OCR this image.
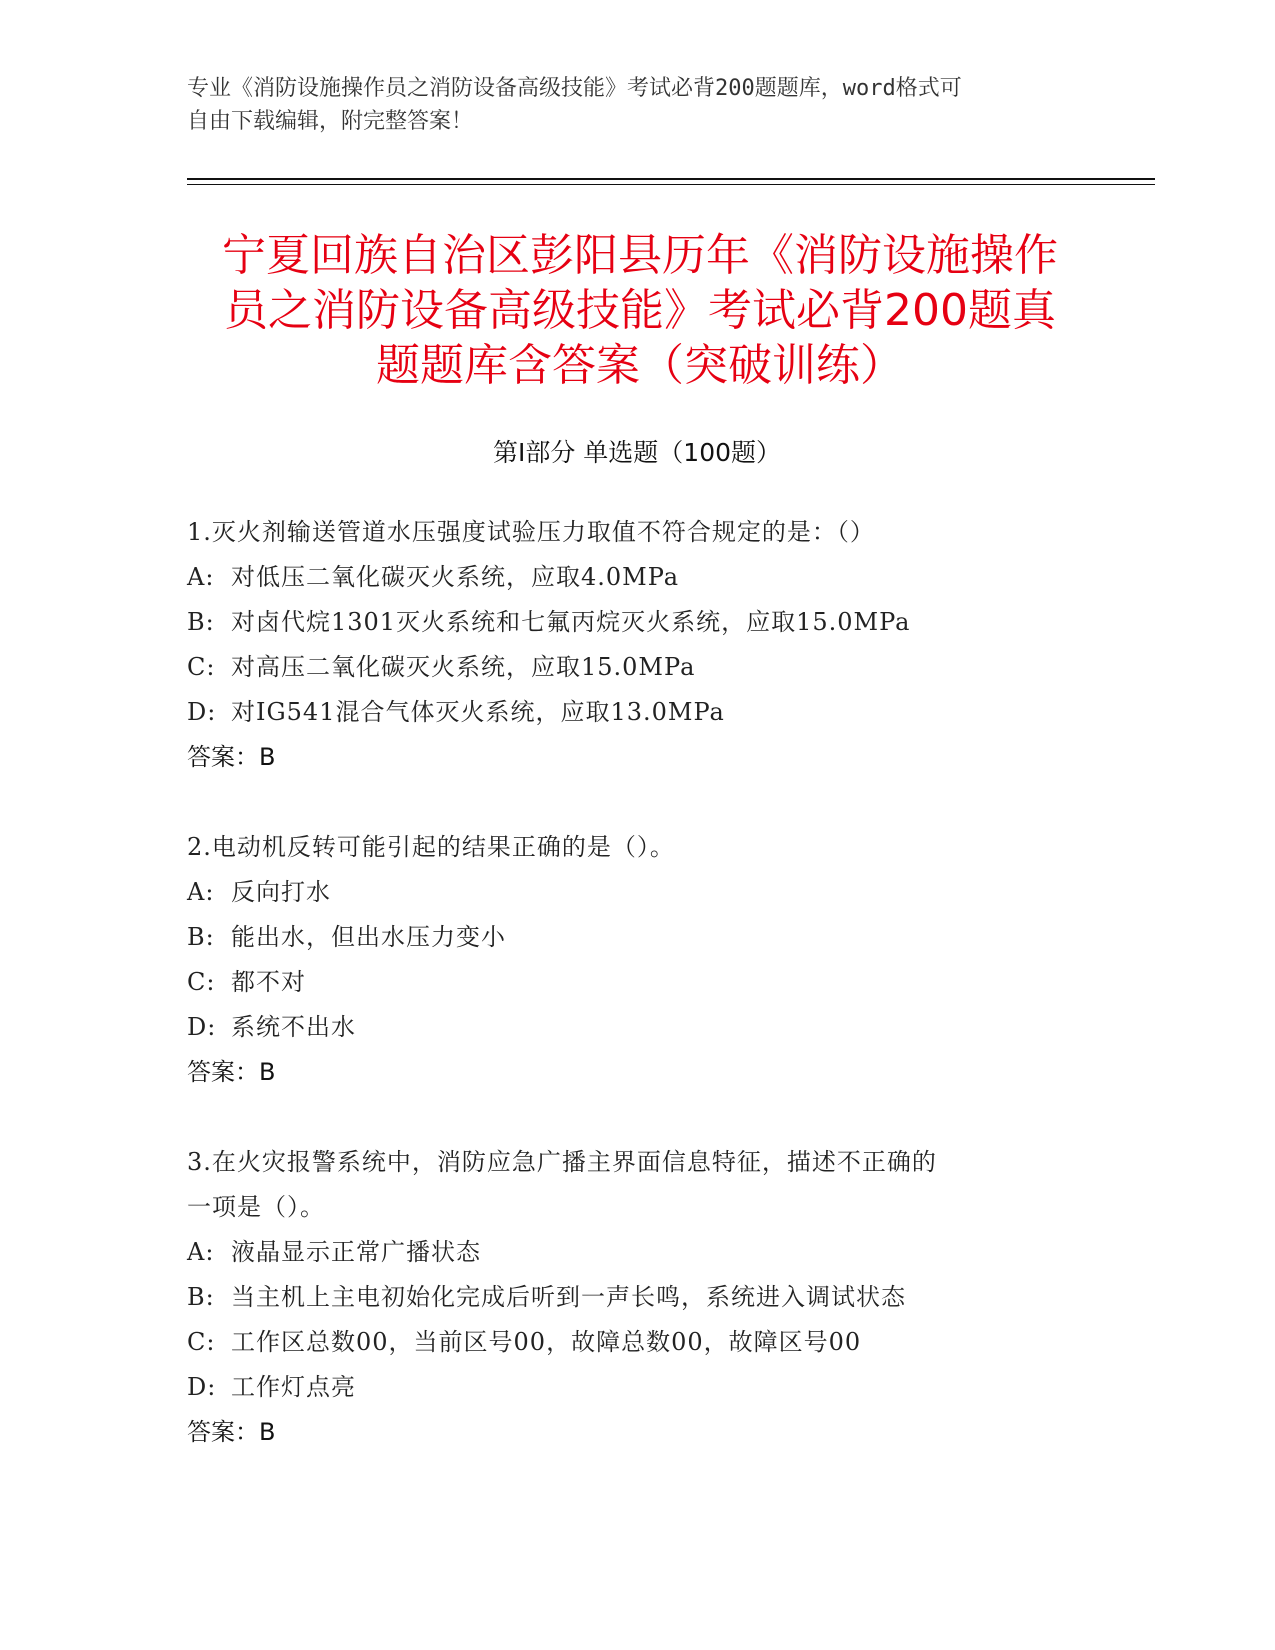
专业《消防设施操作员之消防设备高级技能》考试必背200题题库，word格式可
自由下载编辑，附完整答案！
宁夏回族自治区彭阳县历年《消防设施操作
员之消防设备高级技能》考试必背200题真
题题库含答案（突破训练）
第Ⅰ部分 单选题（100题）
1.灭火剂输送管道水压强度试验压力取值不符合规定的是：（）
A: 对低压二氧化碳灭火系统，应取4.0MPa
B: 对卤代烷1301灭火系统和七氟丙烷灭火系统，应取15.0MPa
C: 对高压二氧化碳灭火系统，应取15.0MPa
D: 对IG541混合气体灭火系统，应取13.0MPa
答案：B
2.电动机反转可能引起的结果正确的是（）。
A: 反向打水
B: 能出水，但出水压力变小
C: 都不对
D: 系统不出水
答案：B
3.在火灾报警系统中，消防应急广播主界面信息特征，描述不正确的
一项是（）。
A: 液晶显示正常广播状态
B: 当主机上主电初始化完成后听到一声长鸣，系统进入调试状态
C: 工作区总数00，当前区号00，故障总数00，故障区号00
D: 工作灯点亮
答案：B
